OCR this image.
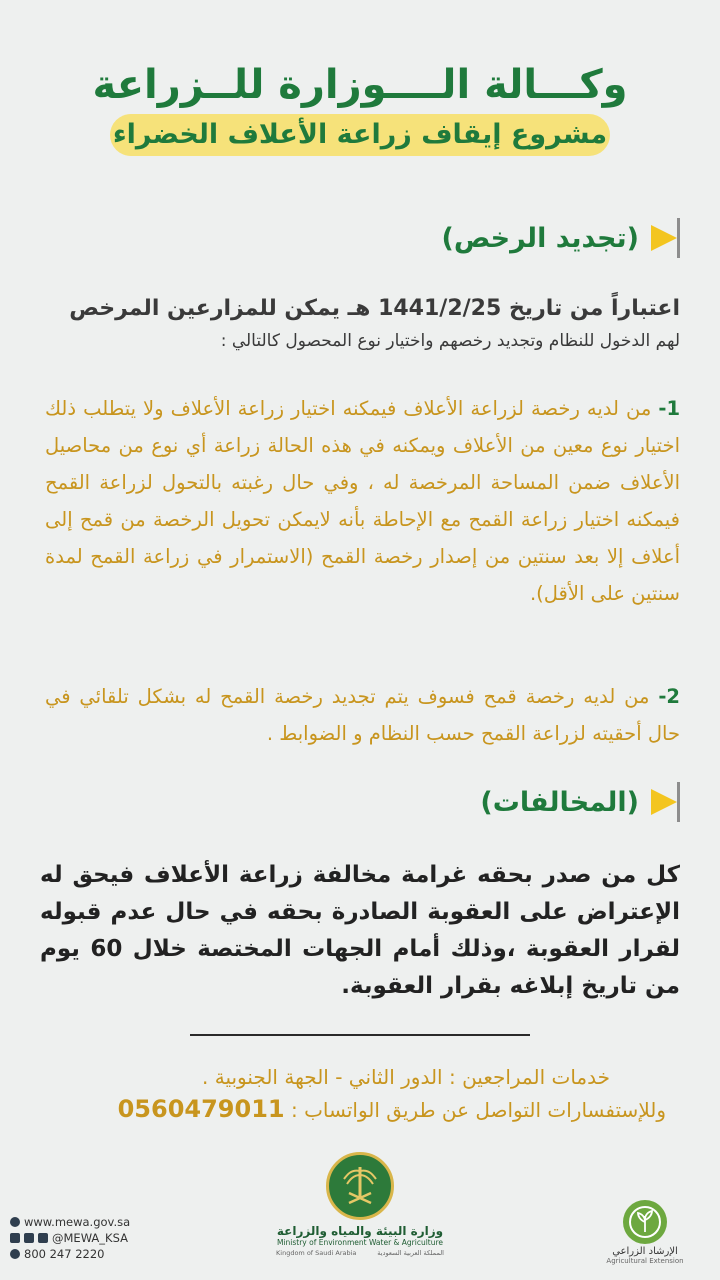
وكـــالة الــــوزارة للــزراعة
مشروع إيقاف زراعة الأعلاف الخضراء
(تجديد الرخص)
اعتباراً من تاريخ 1441/2/25 هـ يمكن للمزارعين المرخص
لهم الدخول للنظام وتجديد رخصهم واختيار نوع المحصول كالتالي :
1- من لديه رخصة لزراعة الأعلاف فيمكنه اختيار زراعة الأعلاف ولا يتطلب ذلك اختيار نوع معين من الأعلاف ويمكنه في هذه الحالة زراعة أي نوع من محاصيل الأعلاف ضمن المساحة المرخصة له ، وفي حال رغبته بالتحول لزراعة القمح فيمكنه اختيار زراعة القمح مع الإحاطة بأنه لايمكن تحويل الرخصة من قمح إلى أعلاف إلا بعد سنتين من إصدار رخصة القمح (الاستمرار في زراعة القمح لمدة سنتين على الأقل).
2- من لديه رخصة قمح فسوف يتم تجديد رخصة القمح له بشكل تلقائي في حال أحقيته لزراعة القمح حسب النظام و الضوابط .
(المخالفات)
كل من صدر بحقه غرامة مخالفة زراعة الأعلاف فيحق له الإعتراض على العقوبة الصادرة بحقه في حال عدم قبوله لقرار العقوبة ،وذلك أمام الجهات المختصة خلال 60 يوم من تاريخ إبلاغه بقرار العقوبة.
خدمات المراجعين : الدور الثاني - الجهة الجنوبية .
وللإستفسارات التواصل عن طريق الواتساب : 0560479011
www.mewa.gov.sa
@MEWA_KSA
800 247 2220
وزارة البيئة والمياه والزراعة
Ministry of Environment Water & Agriculture
Kingdom of Saudi Arabia	المملكة العربية السعودية	الإرشاد الزراعي
Agricultural Extension
